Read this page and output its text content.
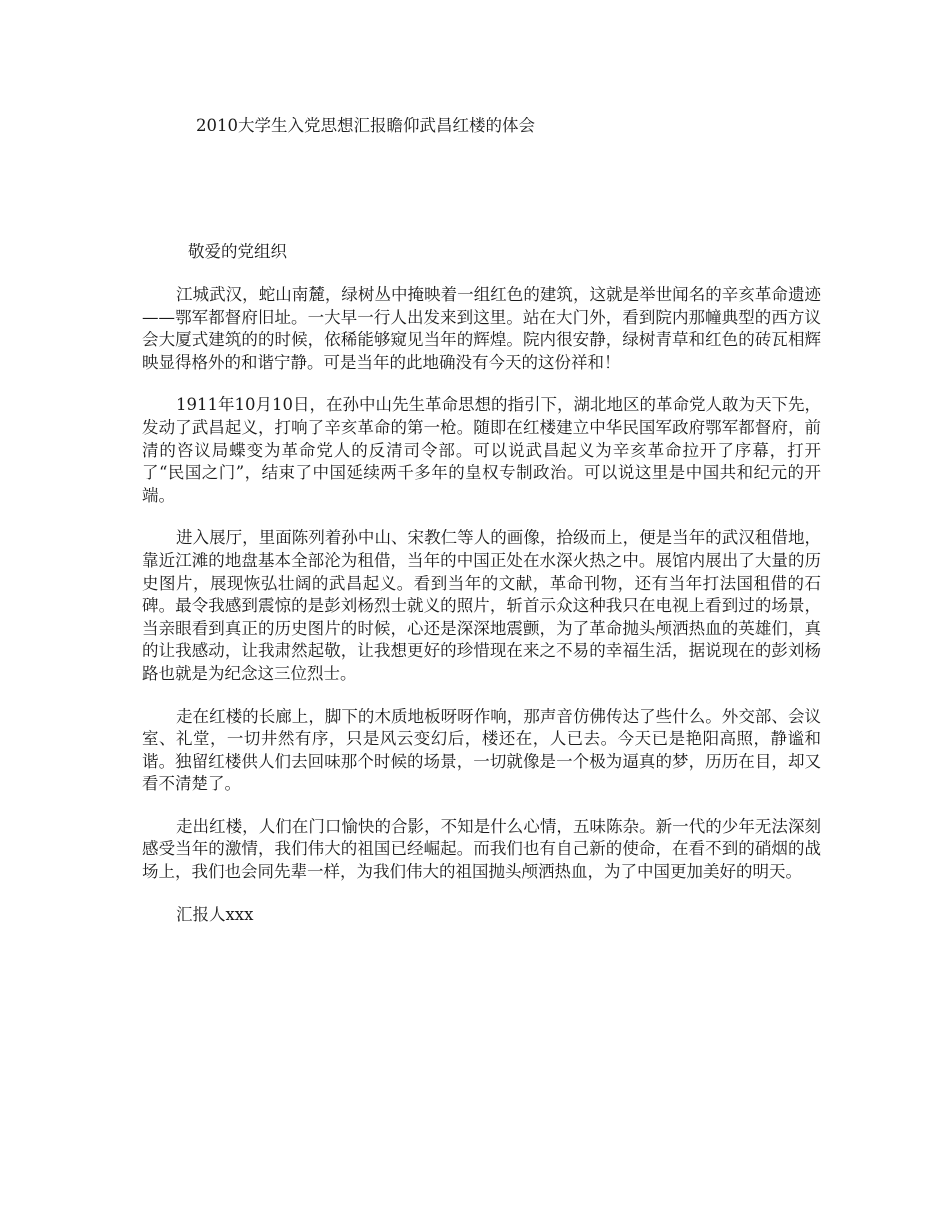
2010大学生入党思想汇报瞻仰武昌红楼的体会
敬爱的党组织

江城武汉，蛇山南麓，绿树丛中掩映着一组红色的建筑，这就是举世闻名的辛亥革命遗迹——鄂军都督府旧址。一大早一行人出发来到这里。站在大门外，看到院内那幢典型的西方议会大厦式建筑的的时候，依稀能够窥见当年的辉煌。院内很安静，绿树青草和红色的砖瓦相辉映显得格外的和谐宁静。可是当年的此地确没有今天的这份祥和！

1911年10月10日，在孙中山先生革命思想的指引下，湖北地区的革命党人敢为天下先，发动了武昌起义，打响了辛亥革命的第一枪。随即在红楼建立中华民国军政府鄂军都督府，前清的咨议局蝶变为革命党人的反清司令部。可以说武昌起义为辛亥革命拉开了序幕，打开了“民国之门”，结束了中国延续两千多年的皇权专制政治。可以说这里是中国共和纪元的开端。

进入展厅，里面陈列着孙中山、宋教仁等人的画像，拾级而上，便是当年的武汉租借地，靠近江滩的地盘基本全部沦为租借，当年的中国正处在水深火热之中。展馆内展出了大量的历史图片，展现恢弘壮阔的武昌起义。看到当年的文献，革命刊物，还有当年打法国租借的石碑。最令我感到震惊的是彭刘杨烈士就义的照片，斩首示众这种我只在电视上看到过的场景，当亲眼看到真正的历史图片的时候，心还是深深地震颤，为了革命抛头颅洒热血的英雄们，真的让我感动，让我肃然起敬，让我想更好的珍惜现在来之不易的幸福生活，据说现在的彭刘杨路也就是为纪念这三位烈士。

走在红楼的长廊上，脚下的木质地板呀呀作响，那声音仿佛传达了些什么。外交部、会议室、礼堂，一切井然有序，只是风云变幻后，楼还在，人已去。今天已是艳阳高照，静谧和谐。独留红楼供人们去回味那个时候的场景，一切就像是一个极为逼真的梦，历历在目，却又看不清楚了。

走出红楼，人们在门口愉快的合影，不知是什么心情，五味陈杂。新一代的少年无法深刻感受当年的激情，我们伟大的祖国已经崛起。而我们也有自己新的使命，在看不到的硝烟的战场上，我们也会同先辈一样，为我们伟大的祖国抛头颅洒热血，为了中国更加美好的明天。

汇报人xxx
